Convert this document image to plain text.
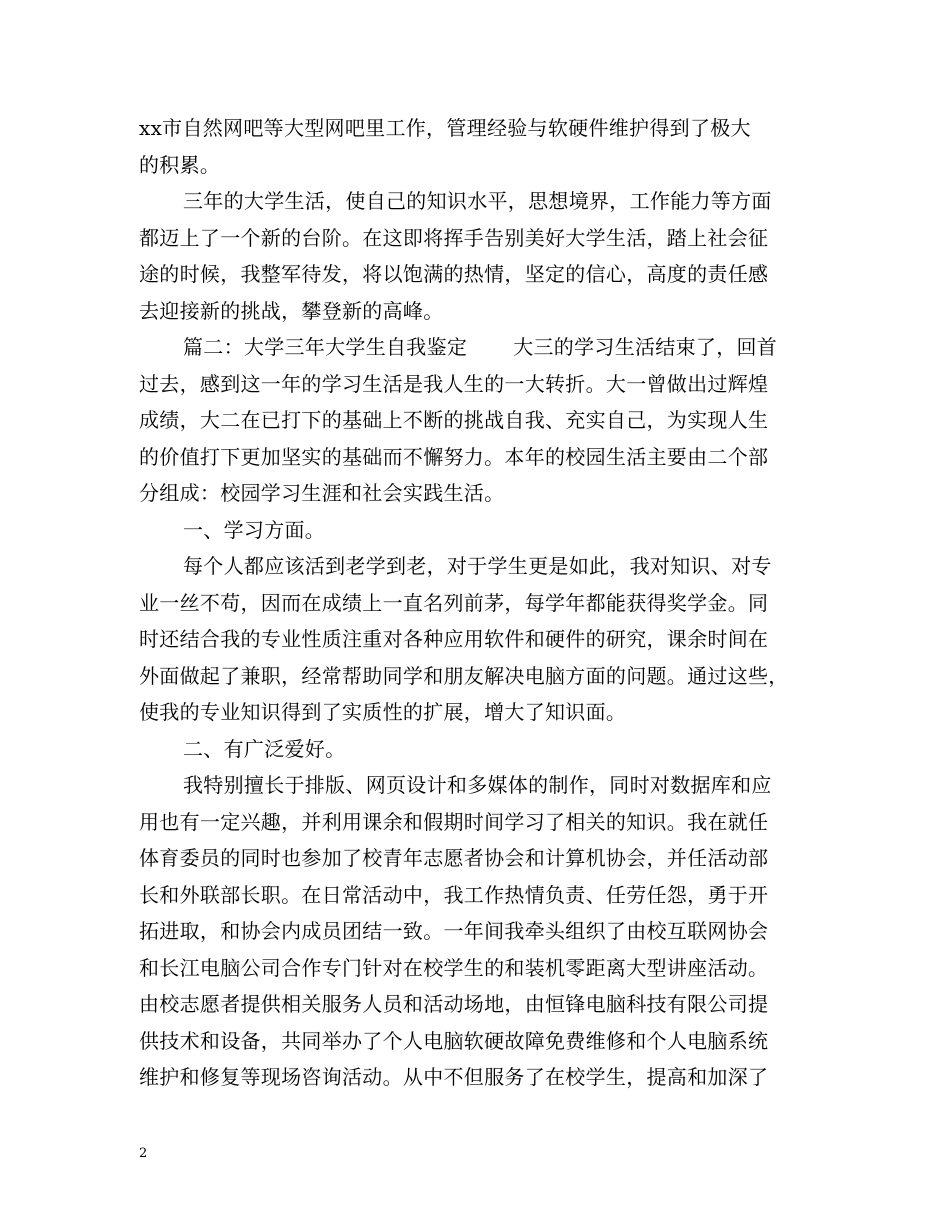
xx市自然网吧等大型网吧里工作，管理经验与软硬件维护得到了极大
的积累。
三年的大学生活，使自己的知识水平，思想境界，工作能力等方面
都迈上了一个新的台阶。在这即将挥手告别美好大学生活，踏上社会征
途的时候，我整军待发，将以饱满的热情，坚定的信心，高度的责任感
去迎接新的挑战，攀登新的高峰。
篇二：大学三年大学生自我鉴定 大三的学习生活结束了，回首
过去，感到这一年的学习生活是我人生的一大转折。大一曾做出过辉煌
成绩，大二在已打下的基础上不断的挑战自我、充实自己，为实现人生
的价值打下更加坚实的基础而不懈努力。本年的校园生活主要由二个部
分组成：校园学习生涯和社会实践生活。
一、学习方面。
每个人都应该活到老学到老，对于学生更是如此，我对知识、对专
业一丝不苟，因而在成绩上一直名列前茅，每学年都能获得奖学金。同
时还结合我的专业性质注重对各种应用软件和硬件的研究，课余时间在
外面做起了兼职，经常帮助同学和朋友解决电脑方面的问题。通过这些，
使我的专业知识得到了实质性的扩展，增大了知识面。
二、有广泛爱好。
我特别擅长于排版、网页设计和多媒体的制作，同时对数据库和应
用也有一定兴趣，并利用课余和假期时间学习了相关的知识。我在就任
体育委员的同时也参加了校青年志愿者协会和计算机协会，并任活动部
长和外联部长职。在日常活动中，我工作热情负责、任劳任怨，勇于开
拓进取，和协会内成员团结一致。一年间我牵头组织了由校互联网协会
和长江电脑公司合作专门针对在校学生的和装机零距离大型讲座活动。
由校志愿者提供相关服务人员和活动场地，由恒锋电脑科技有限公司提
供技术和设备，共同举办了个人电脑软硬故障免费维修和个人电脑系统
维护和修复等现场咨询活动。从中不但服务了在校学生，提高和加深了
2
